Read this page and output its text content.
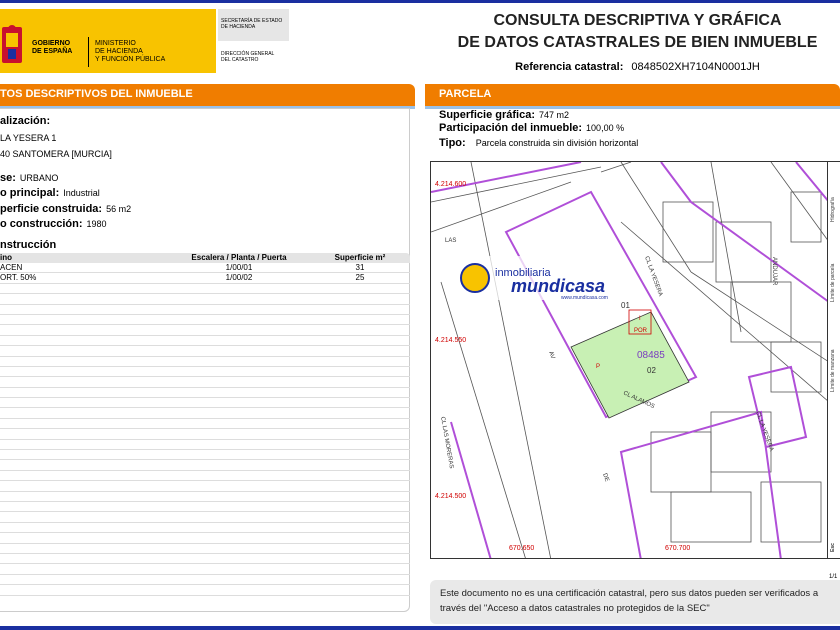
GOBIERNO
DE ESPAÑA
MINISTERIO
DE HACIENDA
Y FUNCIÓN PÚBLICA
SECRETARÍA DE ESTADO
DE HACIENDA
DIRECCIÓN GENERAL
DEL CATASTRO
CONSULTA DESCRIPTIVA Y GRÁFICA
DE DATOS CATASTRALES DE BIEN INMUEBLE
Referencia catastral: 0848502XH7104N0001JH
TOS DESCRIPTIVOS DEL INMUEBLE	PARCELA
alización:
LA YESERA 1
40 SANTOMERA [MURCIA]
se: URBANO
o principal: Industrial
perficie construida: 56 m2
o construcción: 1980
nstrucción
ino	Escalera / Planta / Puerta	Superficie m²
ACEN	1/00/01	31
ORT. 50%	1/00/02	25
Superficie gráfica: 747 m2
Participación del inmueble: 100,00 %
Tipo: Parcela construida sin división horizontal
4.214.600
4.214.550
4.214.500
670.650	670.700
CL LA YESERA
AV
CL ALAMOS
CL LA YESERA
ANDUJAR
CL LAS MORERAS
DE
LAS
08485
01
02
POR
I
P
inmobiliaria
mundicasa
www.mundicasa.com
Hidrografía
Límite de parcela
Límite de manzana
Esc
1/1
Este documento no es una certificación catastral, pero sus datos pueden ser verificados a
través del "Acceso a datos catastrales no protegidos de la SEC"
